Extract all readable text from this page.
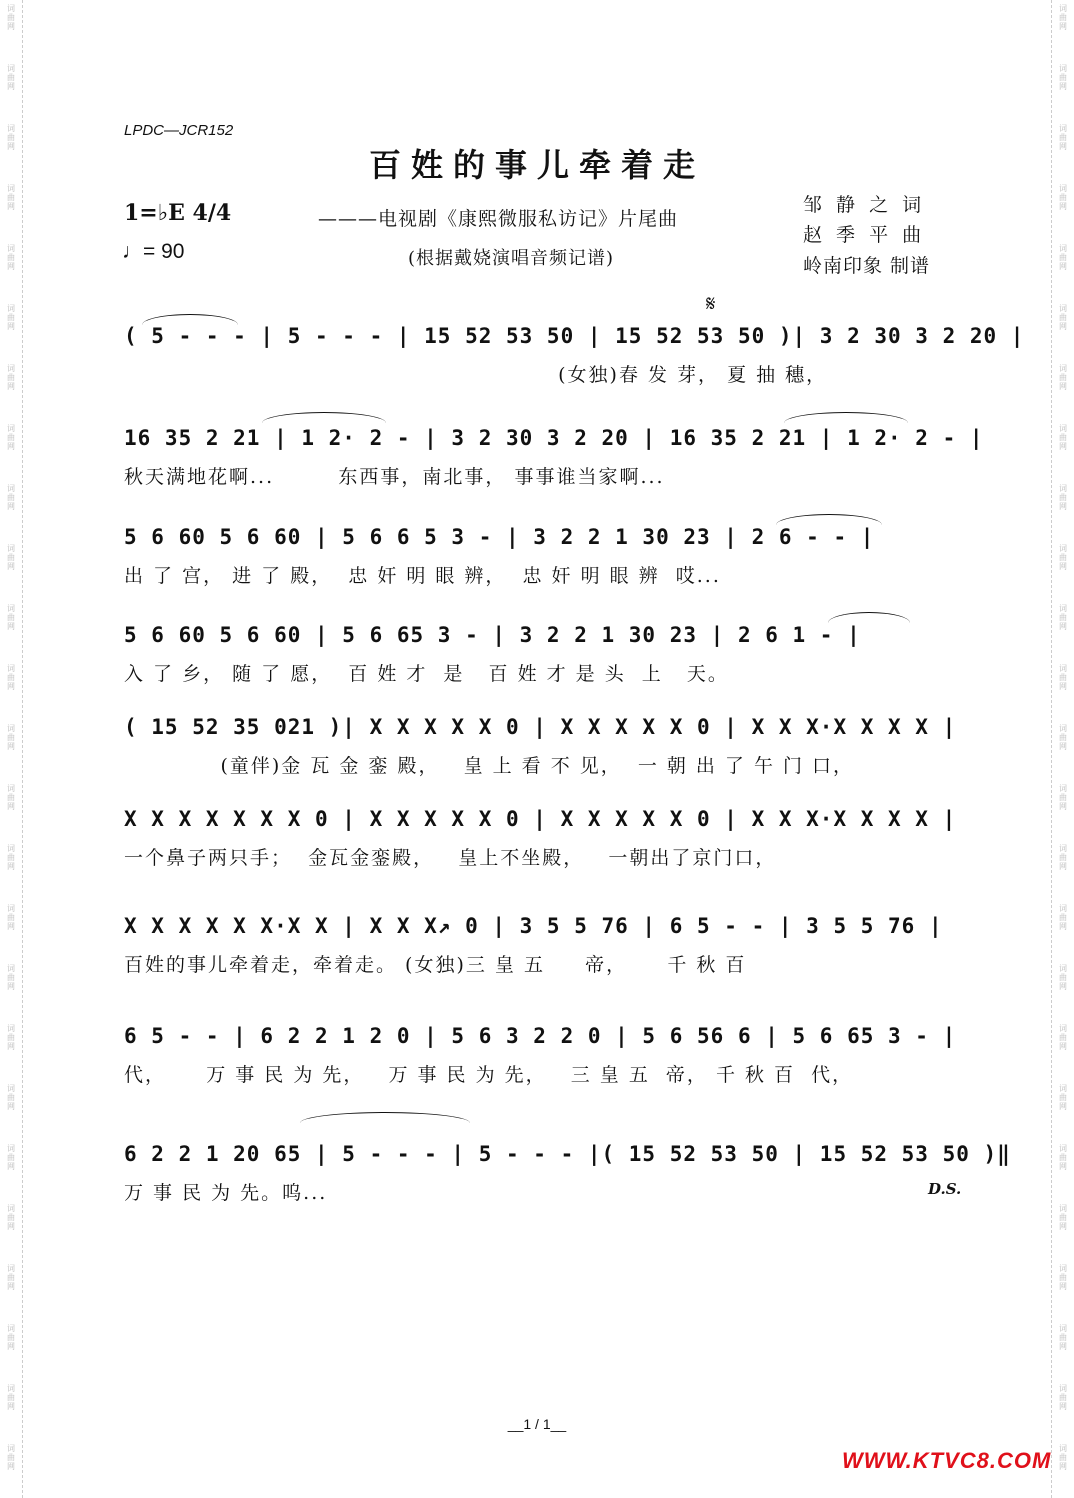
词
曲
网
词
曲
网
词
曲
网
词
曲
网
词
曲
网
词
曲
网
词
曲
网
词
曲
网
词
曲
网
词
曲
网
词
曲
网
词
曲
网
词
曲
网
词
曲
网
词
曲
网
词
曲
网
词
曲
网
词
曲
网
词
曲
网
词
曲
网
词
曲
网
词
曲
网
词
曲
网
词
曲
网
词
曲
网
词
曲
网
词
曲
网
词
曲
网
词
曲
网
词
曲
网
词
曲
网
词
曲
网
词
曲
网
词
曲
网
词
曲
网
词
曲
网
词
曲
网
词
曲
网
词
曲
网
词
曲
网
词
曲
网
词
曲
网
词
曲
网
词
曲
网
词
曲
网
词
曲
网
词
曲
网
词
曲
网
词
曲
网
词
曲
网
LPDC—JCR152
百姓的事儿牵着走
1=♭E 4/4
♩= 90
———电视剧《康熙微服私访记》片尾曲
(根据戴娆演唱音频记谱)
邹 静 之 词
赵 季 平 曲
岭南印象 制谱
𝄋
( 5 - - - | 5 - - - | 15 52 53 50 | 15 52 53 50 )| 3 2 30 3 2 20 |
(女独)春 发 芽， 夏 抽 穗，
16 35 2 21 | 1 2· 2 - | 3 2 30 3 2 20 | 16 35 2 21 | 1 2· 2 - |
秋天满地花啊...        东西事，南北事， 事事谁当家啊...
5 6 60 5 6 60 | 5 6 6 5 3 - | 3 2 2 1 30 23 | 2 6 - - |
出 了 宫， 进 了 殿，  忠 奸 明 眼 辨，  忠 奸 明 眼 辨  哎...
5 6 60 5 6 60 | 5 6 65 3 - | 3 2 2 1 30 23 | 2 6 1 - |
入 了 乡， 随 了 愿，  百 姓 才  是   百 姓 才 是 头  上   天。
( 15 52 35 021 )| X X X X X 0 | X X X X X 0 | X X X·X X X X |
(童伴)金 瓦 金 銮 殿，   皇 上 看 不 见，  一 朝 出 了 午 门 口，
X X X X X X X 0 | X X X X X 0 | X X X X X 0 | X X X·X X X X |
一个鼻子两只手；  金瓦金銮殿，   皇上不坐殿，   一朝出了京门口，
X X X X X X·X X | X X X↗ 0 | 3 5 5 76 | 6 5 - - | 3 5 5 76 |
百姓的事儿牵着走，牵着走。 (女独)三 皇 五     帝，     千 秋 百
6 5 - - | 6 2 2 1 2 0 | 5 6 3 2 2 0 | 5 6 56 6 | 5 6 65 3 - |
代，     万 事 民 为 先，   万 事 民 为 先，   三 皇 五  帝， 千 秋 百  代，
6 2 2 1 20 65 | 5 - - - | 5 - - - |( 15 52 53 50 | 15 52 53 50 )‖
万 事 民 为 先。呜...	D.S.
__1 / 1__
WWW.KTVC8.COM
